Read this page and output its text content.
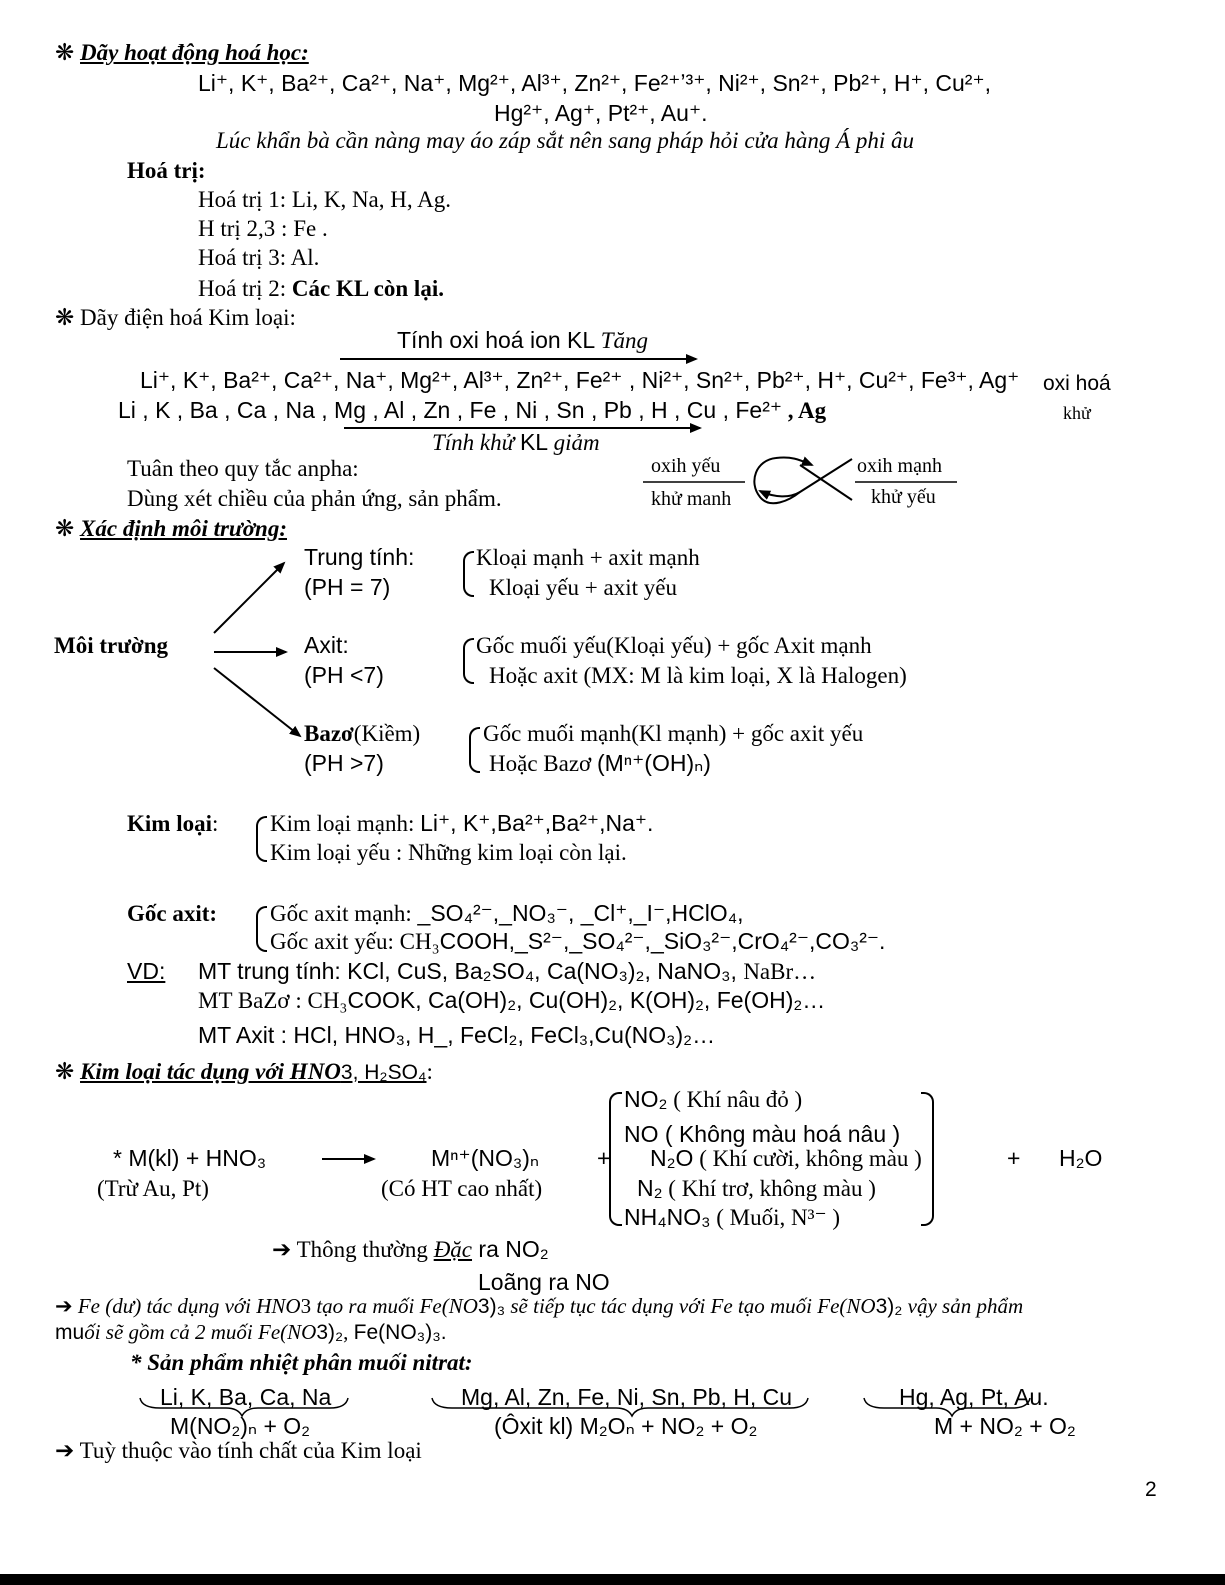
❋ Dãy hoạt động hoá học:
Li⁺, K⁺, Ba²⁺, Ca²⁺, Na⁺, Mg²⁺, Al³⁺, Zn²⁺, Fe²⁺ʼ³⁺, Ni²⁺, Sn²⁺, Pb²⁺, H⁺, Cu²⁺,
Hg²⁺, Ag⁺, Pt²⁺, Au⁺.
Lúc khẩn bà cần nàng may áo záp sắt nên sang pháp hỏi cửa hàng Á phi âu
Hoá trị:
Hoá trị 1: Li, K, Na, H, Ag.
H trị 2,3 : Fe .
Hoá trị 3: Al.
Hoá trị 2: Các KL còn lại.
❋ Dãy điện hoá Kim loại:
Tính oxi hoá ion KL Tăng
Li⁺, K⁺, Ba²⁺, Ca²⁺, Na⁺, Mg²⁺, Al³⁺, Zn²⁺, Fe²⁺ , Ni²⁺, Sn²⁺, Pb²⁺, H⁺, Cu²⁺, Fe³⁺, Ag⁺
Li , K , Ba , Ca , Na , Mg , Al , Zn , Fe , Ni , Sn , Pb , H , Cu , Fe²⁺ , Ag
oxi hoá
khử
Tính khử KL giảm
Tuân theo quy tắc anpha:
Dùng xét chiều của phản ứng, sản phẩm.
oxih yếu
khử manh
oxih mạnh
khử yếu
❋ Xác định môi trường:
Trung tính:
(PH = 7)
Kloại mạnh + axit mạnh
Kloại yếu + axit yếu
Môi trường	Axit:
(PH <7)
Gốc muối yếu(Kloại yếu) + gốc Axit mạnh
Hoặc axit (MX: M là kim loại, X là Halogen)
Bazơ(Kiềm)
(PH >7)
Gốc muối mạnh(Kl mạnh) + gốc axit yếu
Hoặc Bazơ (Mⁿ⁺(OH)ₙ)
Kim loại: Kim loại mạnh: Li⁺, K⁺,Ba²⁺,Ba²⁺,Na⁺.
Kim loại yếu : Những kim loại còn lại.
Gốc axit: Gốc axit mạnh: _SO₄²⁻,_NO₃⁻, _Cl⁺,_I⁻,HClO₄,
Gốc axit yếu: CH₃COOH,_S²⁻,_SO₄²⁻,_SiO₃²⁻,CrO₄²⁻,CO₃²⁻.
VD: MT trung tính: KCl, CuS, Ba₂SO₄, Ca(NO₃)₂, NaNO₃, NaBr…
MT BaZơ : CH₃COOK, Ca(OH)₂, Cu(OH)₂, K(OH)₂, Fe(OH)₂…
MT Axit : HCl, HNO₃, H_, FeCl₂, FeCl₃,Cu(NO₃)₂…
❋ Kim loại tác dụng với HNO3, H₂SO₄:
NO₂ ( Khí nâu đỏ )
NO ( Không màu hoá nâu )
* M(kl) + HNO₃	Mⁿ⁺(NO₃)ₙ	+ N₂O ( Khí cười, không màu )	+ H₂O
(Trừ Au, Pt)	(Có HT cao nhất)	N₂ ( Khí trơ, không màu )
NH₄NO₃ ( Muối, N³⁻ )
➔ Thông thường Đặc ra NO₂
Loãng ra NO
➔ Fe (dư) tác dụng với HNO3 tạo ra muối Fe(NO3)₃ sẽ tiếp tục tác dụng với Fe tạo muối Fe(NO3)₂ vậy sản phẩm
muối sẽ gồm cả 2 muối Fe(NO3)₂, Fe(NO₃)₃.
* Sản phẩm nhiệt phân muối nitrat:
Li, K, Ba, Ca, Na	Mg, Al, Zn, Fe, Ni, Sn, Pb, H, Cu	Hg, Ag, Pt, Au.
M(NO₂)ₙ + O₂	(Ôxit kl) M₂Oₙ + NO₂ + O₂	M + NO₂ + O₂
➔ Tuỳ thuộc vào tính chất của Kim loại
2
